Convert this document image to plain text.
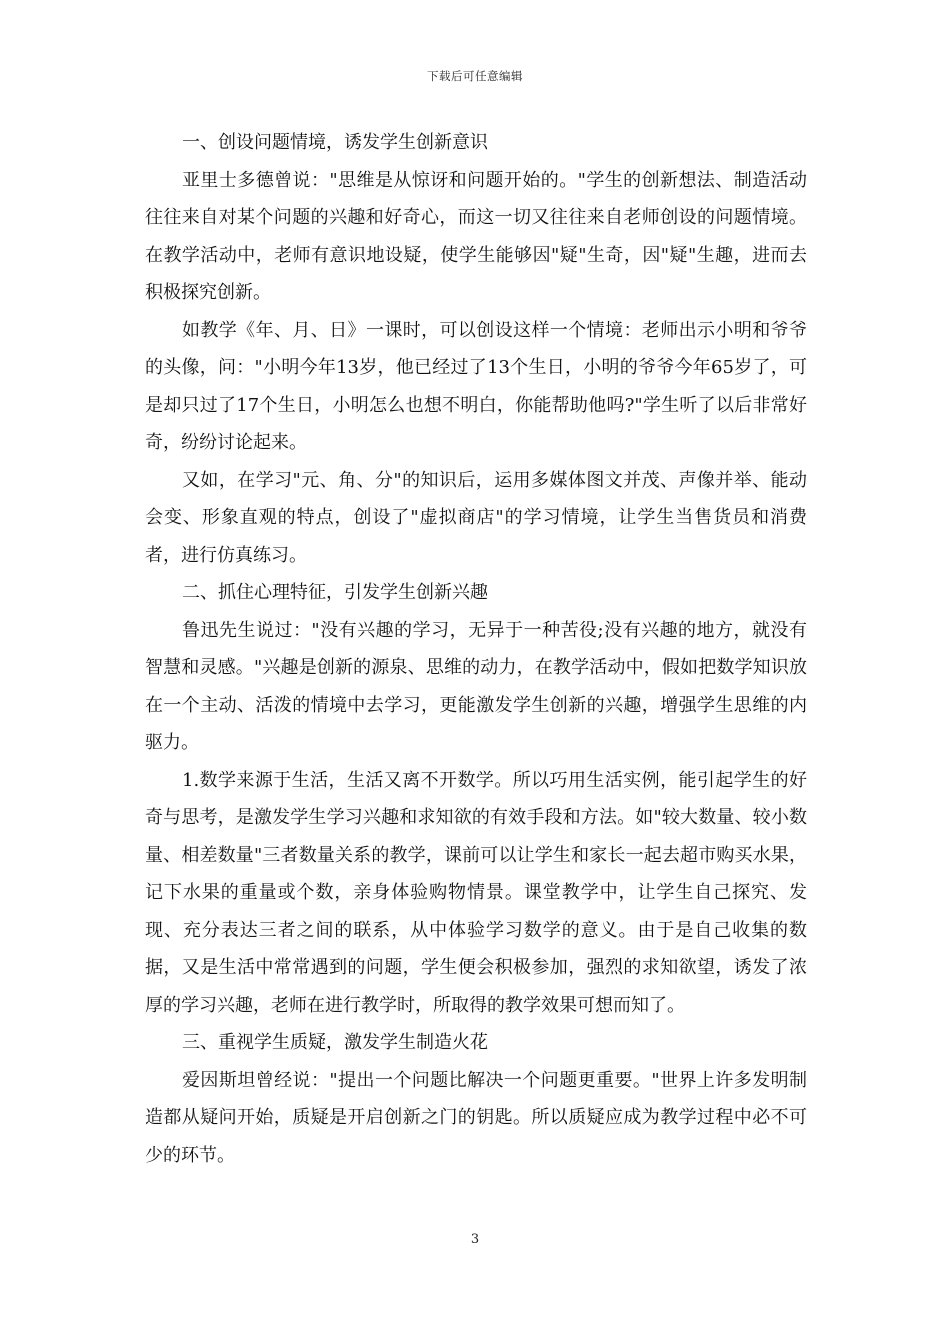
下载后可任意编辑

一、创设问题情境，诱发学生创新意识

亚里士多德曾说："思维是从惊讶和问题开始的。"学生的创新想法、制造活动往往来自对某个问题的兴趣和好奇心，而这一切又往往来自老师创设的问题情境。在教学活动中，老师有意识地设疑，使学生能够因"疑"生奇，因"疑"生趣，进而去积极探究创新。

如教学《年、月、日》一课时，可以创设这样一个情境：老师出示小明和爷爷的头像，问："小明今年13岁，他已经过了13个生日，小明的爷爷今年65岁了，可是却只过了17个生日，小明怎么也想不明白，你能帮助他吗?"学生听了以后非常好奇，纷纷讨论起来。

又如，在学习"元、角、分"的知识后，运用多媒体图文并茂、声像并举、能动会变、形象直观的特点，创设了"虚拟商店"的学习情境，让学生当售货员和消费者，进行仿真练习。

二、抓住心理特征，引发学生创新兴趣

鲁迅先生说过："没有兴趣的学习，无异于一种苦役;没有兴趣的地方，就没有智慧和灵感。"兴趣是创新的源泉、思维的动力，在教学活动中，假如把数学知识放在一个主动、活泼的情境中去学习，更能激发学生创新的兴趣，增强学生思维的内驱力。

1.数学来源于生活，生活又离不开数学。所以巧用生活实例，能引起学生的好奇与思考，是激发学生学习兴趣和求知欲的有效手段和方法。如"较大数量、较小数量、相差数量"三者数量关系的教学，课前可以让学生和家长一起去超市购买水果，记下水果的重量或个数，亲身体验购物情景。课堂教学中，让学生自己探究、发现、充分表达三者之间的联系，从中体验学习数学的意义。由于是自己收集的数据，又是生活中常常遇到的问题，学生便会积极参加，强烈的求知欲望，诱发了浓厚的学习兴趣，老师在进行教学时，所取得的教学效果可想而知了。

三、重视学生质疑，激发学生制造火花

爱因斯坦曾经说："提出一个问题比解决一个问题更重要。"世界上许多发明制造都从疑问开始，质疑是开启创新之门的钥匙。所以质疑应成为教学过程中必不可少的环节。

3
